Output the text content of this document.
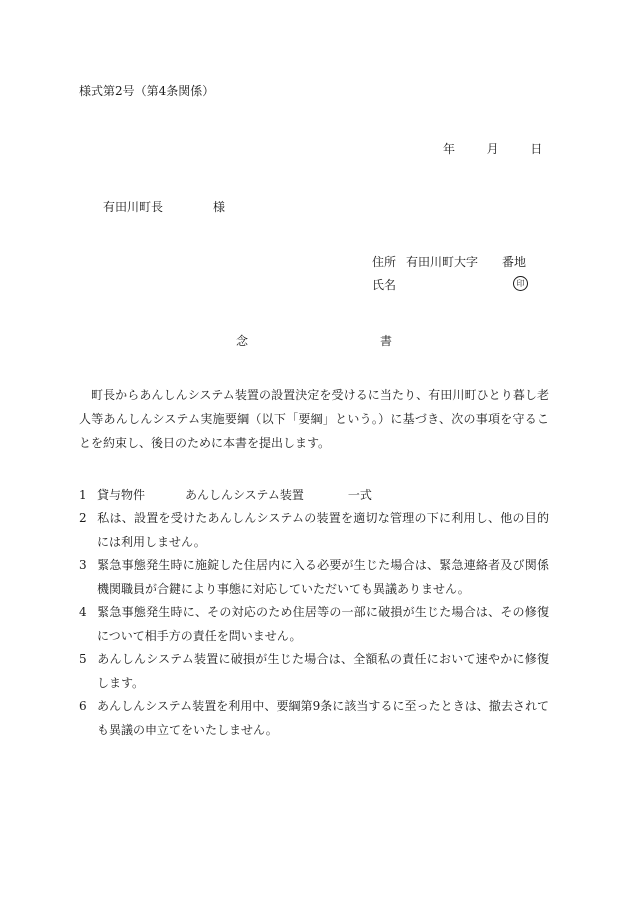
様式第2号（第4条関係）
年	月	日
有田川町長	様
住所 有田川町大字 番地
氏名	印
念	書
町長からあんしんシステム装置の設置決定を受けるに当たり、有田川町ひとり暮し老人等あんしんシステム実施要綱（以下「要綱」という。）に基づき、次の事項を守ることを約束し、後日のために本書を提出します。
1 貸与物件	あんしんシステム装置	一式
2 私は、設置を受けたあんしんシステムの装置を適切な管理の下に利用し、他の目的には利用しません。
3 緊急事態発生時に施錠した住居内に入る必要が生じた場合は、緊急連絡者及び関係機関職員が合鍵により事態に対応していただいても異議ありません。
4 緊急事態発生時に、その対応のため住居等の一部に破損が生じた場合は、その修復について相手方の責任を問いません。
5 あんしんシステム装置に破損が生じた場合は、全額私の責任において速やかに修復します。
6 あんしんシステム装置を利用中、要綱第9条に該当するに至ったときは、撤去されても異議の申立てをいたしません。
